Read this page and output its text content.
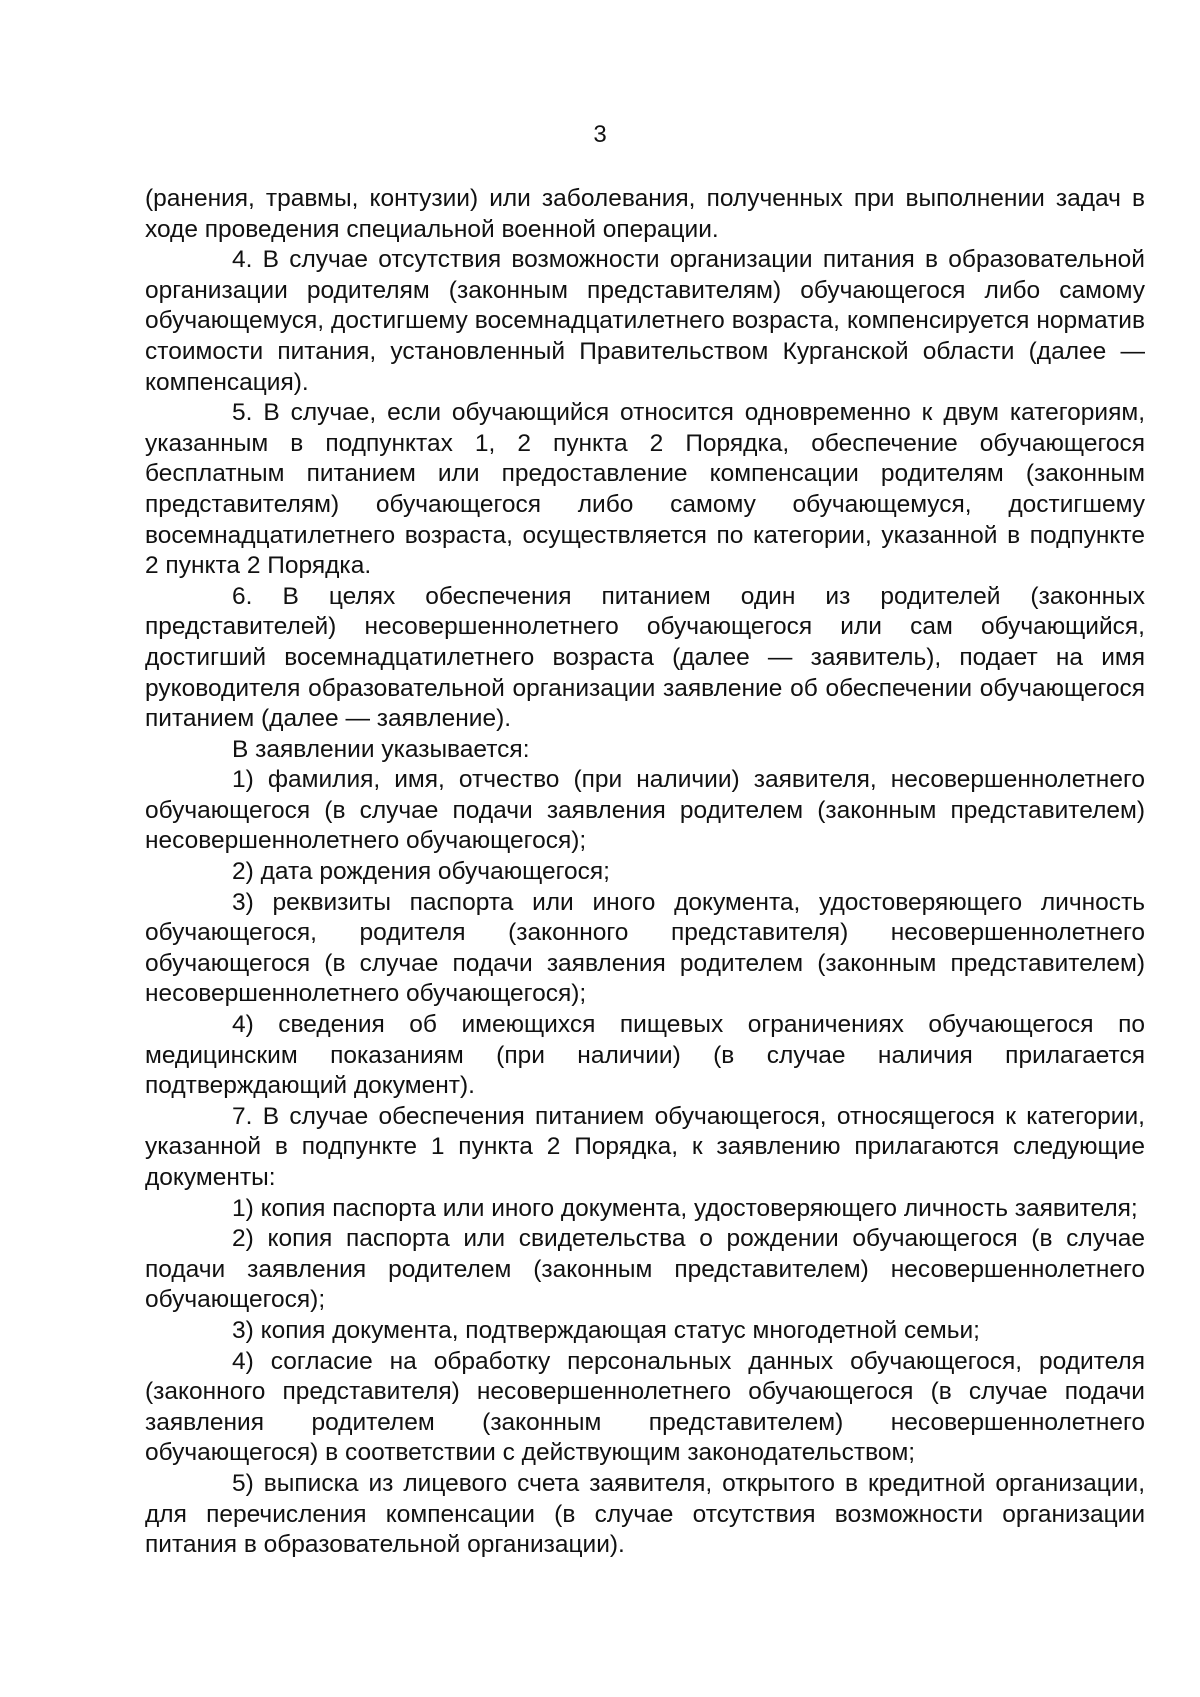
3

(ранения, травмы, контузии) или заболевания, полученных при выполнении задач в ходе проведения специальной военной операции.

4. В случае отсутствия возможности организации питания в образовательной организации родителям (законным представителям) обучающегося либо самому обучающемуся, достигшему восемнадцатилетнего возраста, компенсируется норматив стоимости питания, установленный Правительством Курганской области (далее — компенсация).

5. В случае, если обучающийся относится одновременно к двум категориям, указанным в подпунктах 1, 2 пункта 2 Порядка, обеспечение обучающегося бесплатным питанием или предоставление компенсации родителям (законным представителям) обучающегося либо самому обучающемуся, достигшему восемнадцатилетнего возраста, осуществляется по категории, указанной в подпункте 2 пункта 2 Порядка.

6. В целях обеспечения питанием один из родителей (законных представителей) несовершеннолетнего обучающегося или сам обучающийся, достигший восемнадцатилетнего возраста (далее — заявитель), подает на имя руководителя образовательной организации заявление об обеспечении обучающегося питанием (далее — заявление).

В заявлении указывается:

1) фамилия, имя, отчество (при наличии) заявителя, несовершеннолетнего обучающегося (в случае подачи заявления родителем (законным представителем) несовершеннолетнего обучающегося);

2) дата рождения обучающегося;

3) реквизиты паспорта или иного документа, удостоверяющего личность обучающегося, родителя (законного представителя) несовершеннолетнего обучающегося (в случае подачи заявления родителем (законным представителем) несовершеннолетнего обучающегося);

4) сведения об имеющихся пищевых ограничениях обучающегося по медицинским показаниям (при наличии) (в случае наличия прилагается подтверждающий документ).

7. В случае обеспечения питанием обучающегося, относящегося к категории, указанной в подпункте 1 пункта 2 Порядка, к заявлению прилагаются следующие документы:

1) копия паспорта или иного документа, удостоверяющего личность заявителя;

2) копия паспорта или свидетельства о рождении обучающегося (в случае подачи заявления родителем (законным представителем) несовершеннолетнего обучающегося);

3) копия документа, подтверждающая статус многодетной семьи;

4) согласие на обработку персональных данных обучающегося, родителя (законного представителя) несовершеннолетнего обучающегося (в случае подачи заявления родителем (законным представителем) несовершеннолетнего обучающегося) в соответствии с действующим законодательством;

5) выписка из лицевого счета заявителя, открытого в кредитной организации, для перечисления компенсации (в случае отсутствия возможности организации питания в образовательной организации).
